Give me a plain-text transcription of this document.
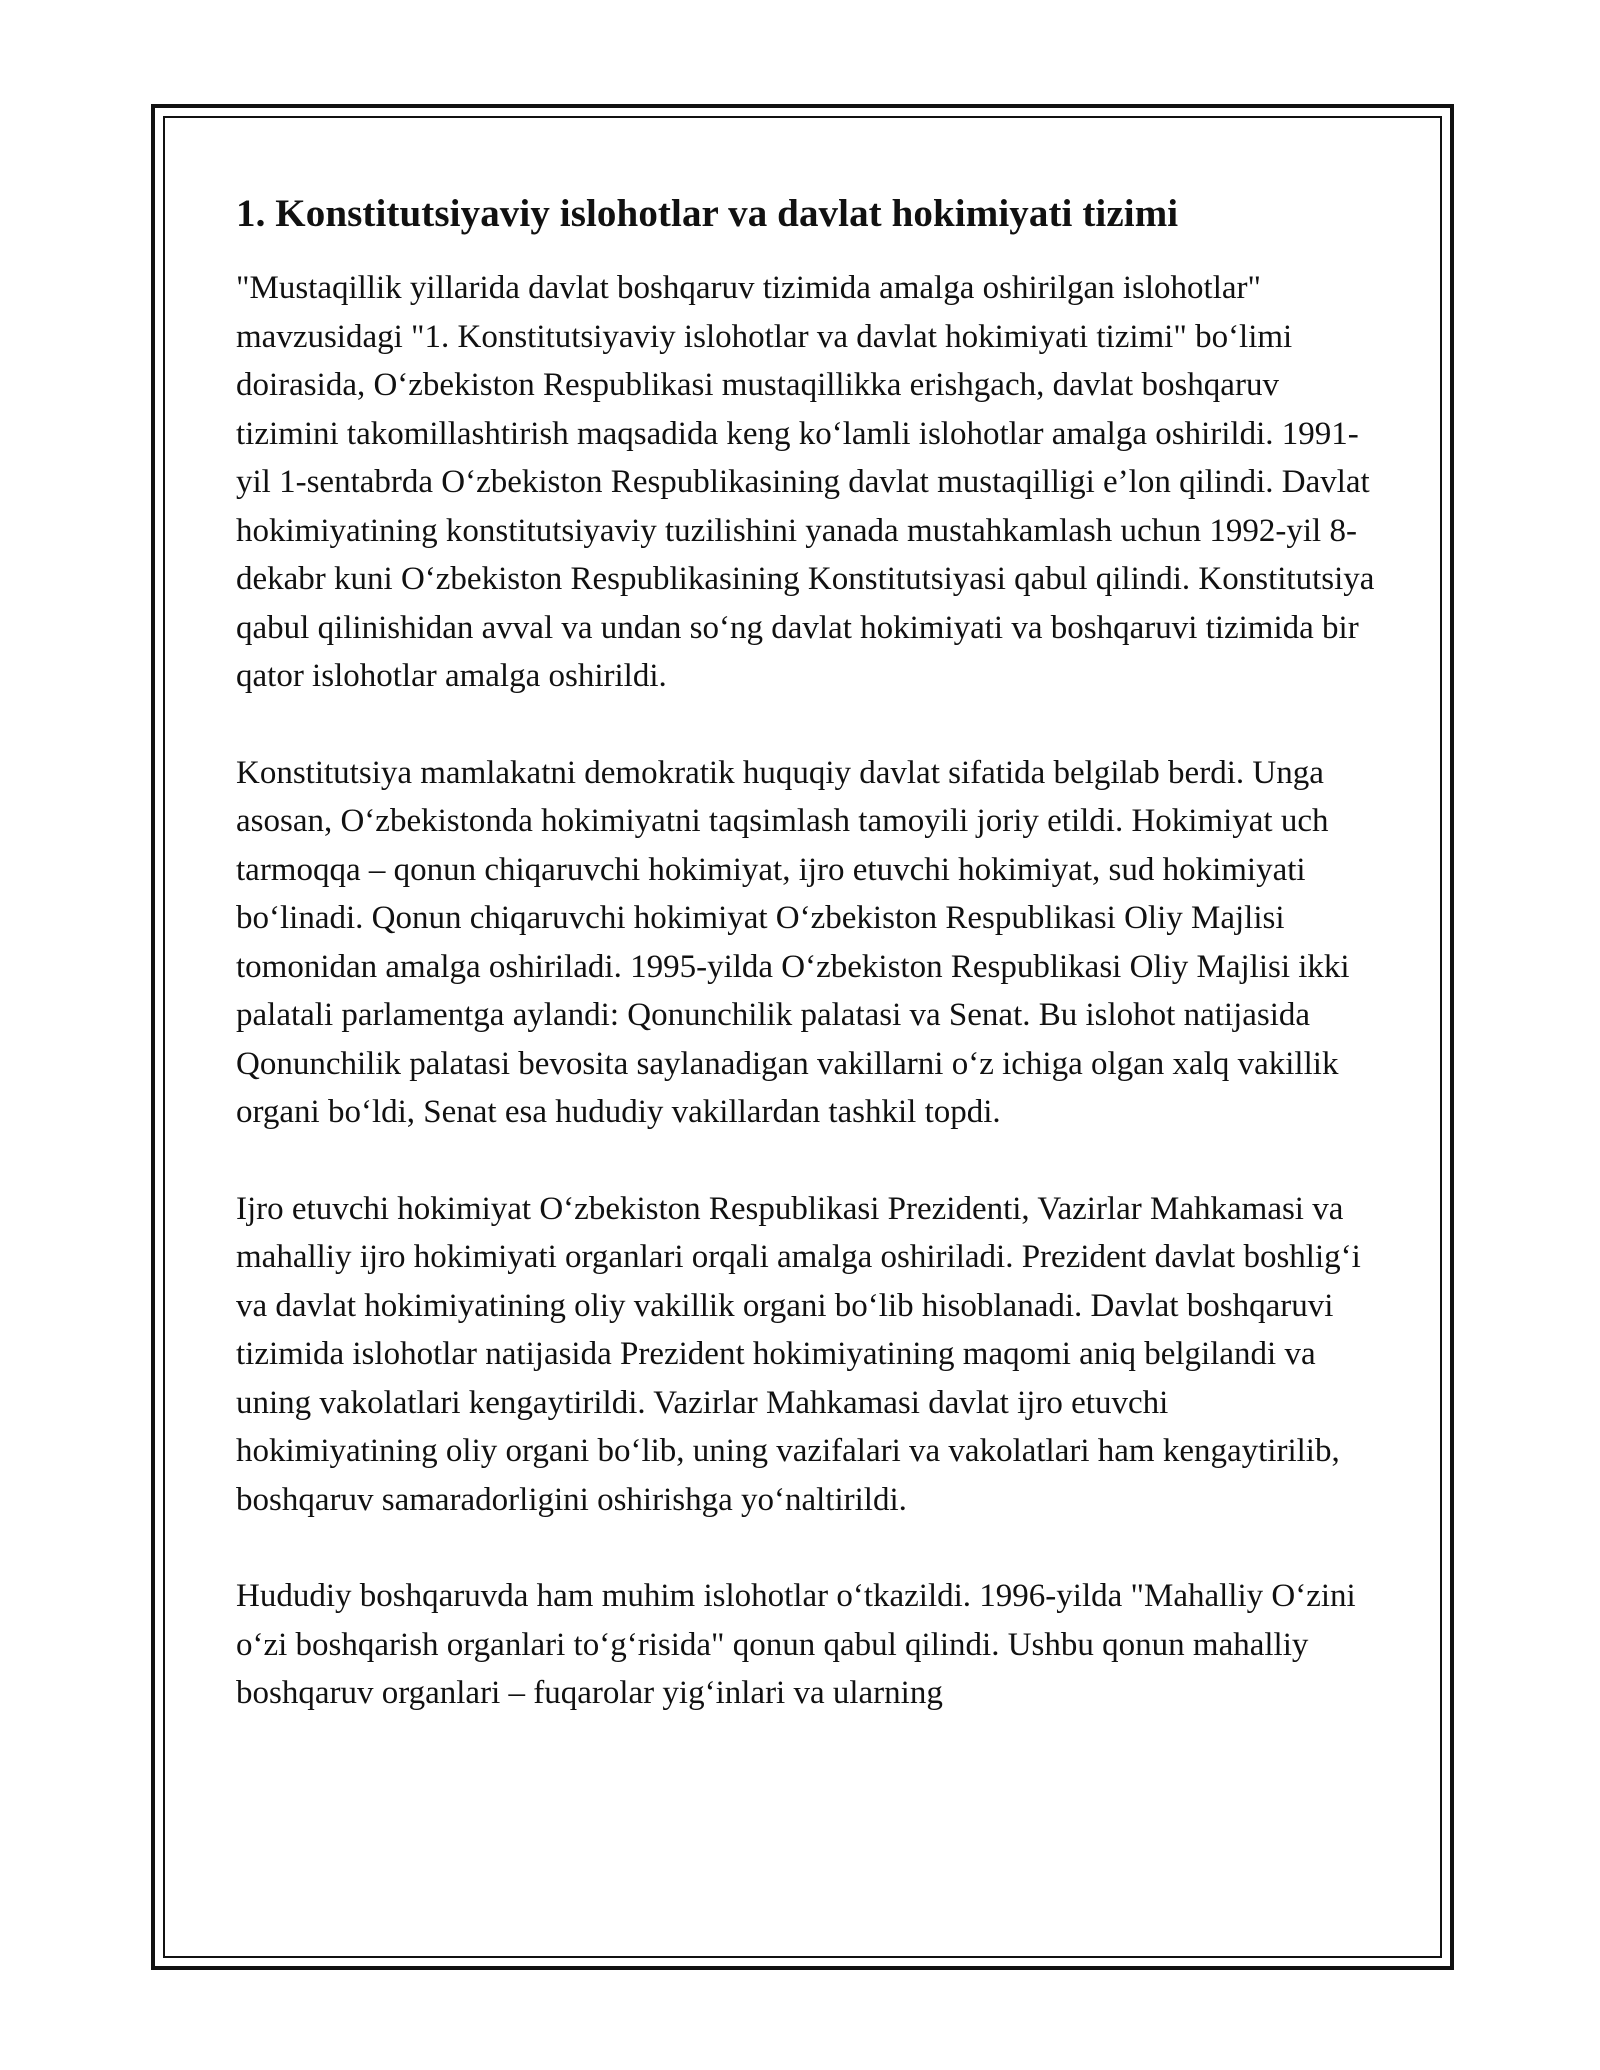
1. Konstitutsiyaviy islohotlar va davlat hokimiyati tizimi

"Mustaqillik yillarida davlat boshqaruv tizimida amalga oshirilgan islohotlar" mavzusidagi "1. Konstitutsiyaviy islohotlar va davlat hokimiyati tizimi" bo‘limi doirasida, O‘zbekiston Respublikasi mustaqillikka erishgach, davlat boshqaruv tizimini takomillashtirish maqsadida keng ko‘lamli islohotlar amalga oshirildi. 1991-yil 1-sentabrda O‘zbekiston Respublikasining davlat mustaqilligi e’lon qilindi. Davlat hokimiyatining konstitutsiyaviy tuzilishini yanada mustahkamlash uchun 1992-yil 8-dekabr kuni O‘zbekiston Respublikasining Konstitutsiyasi qabul qilindi. Konstitutsiya qabul qilinishidan avval va undan so‘ng davlat hokimiyati va boshqaruvi tizimida bir qator islohotlar amalga oshirildi.

Konstitutsiya mamlakatni demokratik huquqiy davlat sifatida belgilab berdi. Unga asosan, O‘zbekistonda hokimiyatni taqsimlash tamoyili joriy etildi. Hokimiyat uch tarmoqqa – qonun chiqaruvchi hokimiyat, ijro etuvchi hokimiyat, sud hokimiyati bo‘linadi. Qonun chiqaruvchi hokimiyat O‘zbekiston Respublikasi Oliy Majlisi tomonidan amalga oshiriladi. 1995-yilda O‘zbekiston Respublikasi Oliy Majlisi ikki palatali parlamentga aylandi: Qonunchilik palatasi va Senat. Bu islohot natijasida Qonunchilik palatasi bevosita saylanadigan vakillarni o‘z ichiga olgan xalq vakillik organi bo‘ldi, Senat esa hududiy vakillardan tashkil topdi.

Ijro etuvchi hokimiyat O‘zbekiston Respublikasi Prezidenti, Vazirlar Mahkamasi va mahalliy ijro hokimiyati organlari orqali amalga oshiriladi. Prezident davlat boshlig‘i va davlat hokimiyatining oliy vakillik organi bo‘lib hisoblanadi. Davlat boshqaruvi tizimida islohotlar natijasida Prezident hokimiyatining maqomi aniq belgilandi va uning vakolatlari kengaytirildi. Vazirlar Mahkamasi davlat ijro etuvchi hokimiyatining oliy organi bo‘lib, uning vazifalari va vakolatlari ham kengaytirilib, boshqaruv samaradorligini oshirishga yo‘naltirildi.

Hududiy boshqaruvda ham muhim islohotlar o‘tkazildi. 1996-yilda "Mahalliy O‘zini o‘zi boshqarish organlari to‘g‘risida" qonun qabul qilindi. Ushbu qonun mahalliy boshqaruv organlari – fuqarolar yig‘inlari va ularning
